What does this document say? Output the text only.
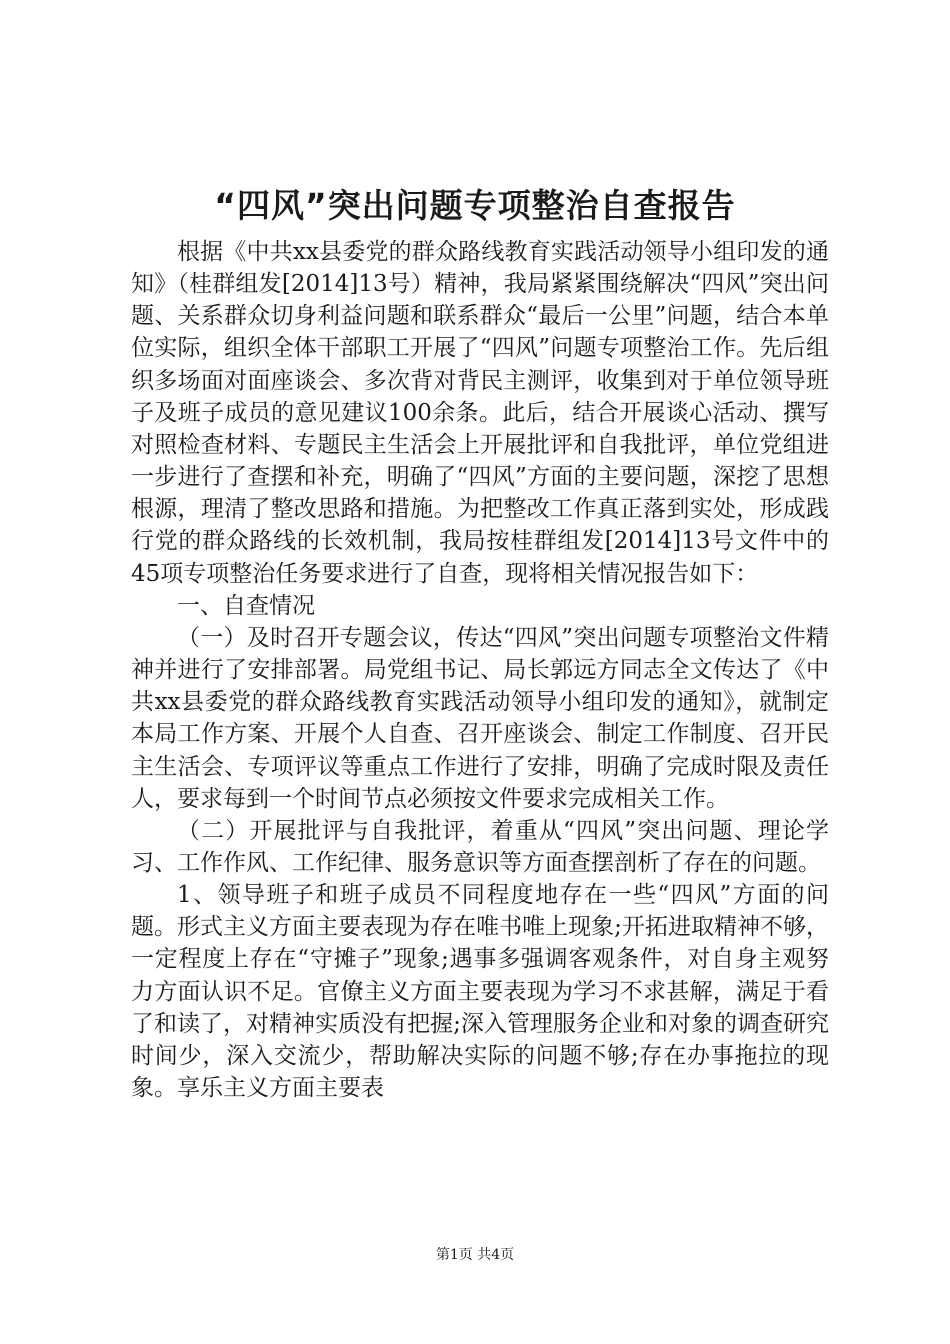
“四风”突出问题专项整治自查报告

根据《中共xx县委党的群众路线教育实践活动领导小组印发的通知》（桂群组发[2014]13号）精神，我局紧紧围绕解决“四风”突出问题、关系群众切身利益问题和联系群众“最后一公里”问题，结合本单位实际，组织全体干部职工开展了“四风”问题专项整治工作。先后组织多场面对面座谈会、多次背对背民主测评，收集到对于单位领导班子及班子成员的意见建议100余条。此后，结合开展谈心活动、撰写对照检查材料、专题民主生活会上开展批评和自我批评，单位党组进一步进行了查摆和补充，明确了“四风”方面的主要问题，深挖了思想根源，理清了整改思路和措施。为把整改工作真正落到实处，形成践行党的群众路线的长效机制，我局按桂群组发[2014]13号文件中的45项专项整治任务要求进行了自查，现将相关情况报告如下：

一、自查情况

（一）及时召开专题会议，传达“四风”突出问题专项整治文件精神并进行了安排部署。局党组书记、局长郭远方同志全文传达了《中共xx县委党的群众路线教育实践活动领导小组印发的通知》，就制定本局工作方案、开展个人自查、召开座谈会、制定工作制度、召开民主生活会、专项评议等重点工作进行了安排，明确了完成时限及责任人，要求每到一个时间节点必须按文件要求完成相关工作。

（二）开展批评与自我批评，着重从“四风”突出问题、理论学习、工作作风、工作纪律、服务意识等方面查摆剖析了存在的问题。

1、领导班子和班子成员不同程度地存在一些“四风”方面的问题。形式主义方面主要表现为存在唯书唯上现象;开拓进取精神不够，一定程度上存在“守摊子”现象;遇事多强调客观条件，对自身主观努力方面认识不足。官僚主义方面主要表现为学习不求甚解，满足于看了和读了，对精神实质没有把握;深入管理服务企业和对象的调查研究时间少，深入交流少，帮助解决实际的问题不够;存在办事拖拉的现象。享乐主义方面主要表

第1页 共4页
